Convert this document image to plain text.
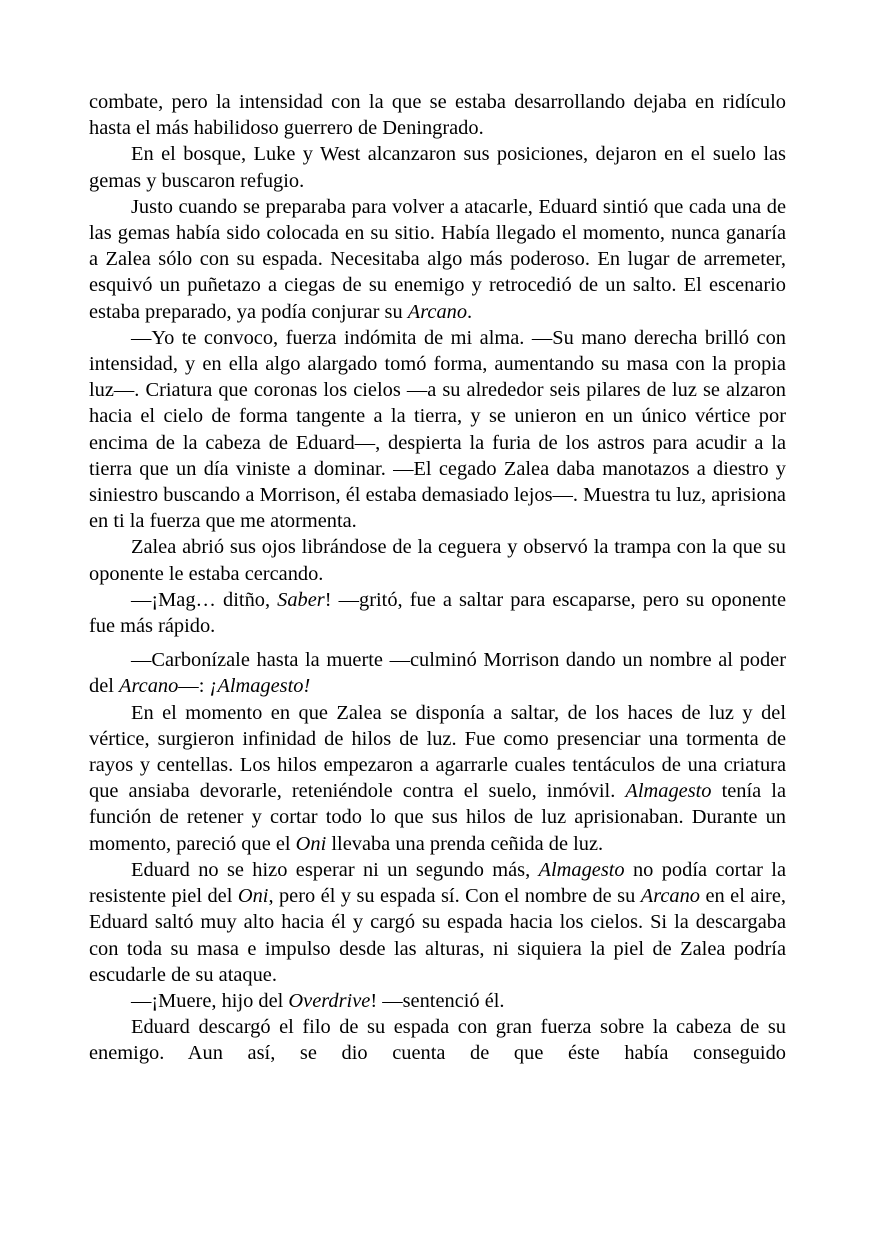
combate, pero la intensidad con la que se estaba desarrollando dejaba en ridículo hasta el más habilidoso guerrero de Deningrado.

En el bosque, Luke y West alcanzaron sus posiciones, dejaron en el suelo las gemas y buscaron refugio.

Justo cuando se preparaba para volver a atacarle, Eduard sintió que cada una de las gemas había sido colocada en su sitio. Había llegado el momento, nunca ganaría a Zalea sólo con su espada. Necesitaba algo más poderoso. En lugar de arremeter, esquivó un puñetazo a ciegas de su enemigo y retrocedió de un salto. El escenario estaba preparado, ya podía conjurar su Arcano.

—Yo te convoco, fuerza indómita de mi alma. —Su mano derecha brilló con intensidad, y en ella algo alargado tomó forma, aumentando su masa con la propia luz—. Criatura que coronas los cielos —a su alrededor seis pilares de luz se alzaron hacia el cielo de forma tangente a la tierra, y se unieron en un único vértice por encima de la cabeza de Eduard—, despierta la furia de los astros para acudir a la tierra que un día viniste a dominar. —El cegado Zalea daba manotazos a diestro y siniestro buscando a Morrison, él estaba demasiado lejos—. Muestra tu luz, aprisiona en ti la fuerza que me atormenta.

Zalea abrió sus ojos librándose de la ceguera y observó la trampa con la que su oponente le estaba cercando.

—¡Mag… ditño, Saber! —gritó, fue a saltar para escaparse, pero su oponente fue más rápido.

—Carbonízale hasta la muerte —culminó Morrison dando un nombre al poder del Arcano—: ¡Almagesto!

En el momento en que Zalea se disponía a saltar, de los haces de luz y del vértice, surgieron infinidad de hilos de luz. Fue como presenciar una tormenta de rayos y centellas. Los hilos empezaron a agarrarle cuales tentáculos de una criatura que ansiaba devorarle, reteniéndole contra el suelo, inmóvil. Almagesto tenía la función de retener y cortar todo lo que sus hilos de luz aprisionaban. Durante un momento, pareció que el Oni llevaba una prenda ceñida de luz.

Eduard no se hizo esperar ni un segundo más, Almagesto no podía cortar la resistente piel del Oni, pero él y su espada sí. Con el nombre de su Arcano en el aire, Eduard saltó muy alto hacia él y cargó su espada hacia los cielos. Si la descargaba con toda su masa e impulso desde las alturas, ni siquiera la piel de Zalea podría escudarle de su ataque.

—¡Muere, hijo del Overdrive! —sentenció él.

Eduard descargó el filo de su espada con gran fuerza sobre la cabeza de su enemigo. Aun así, se dio cuenta de que éste había conseguido
